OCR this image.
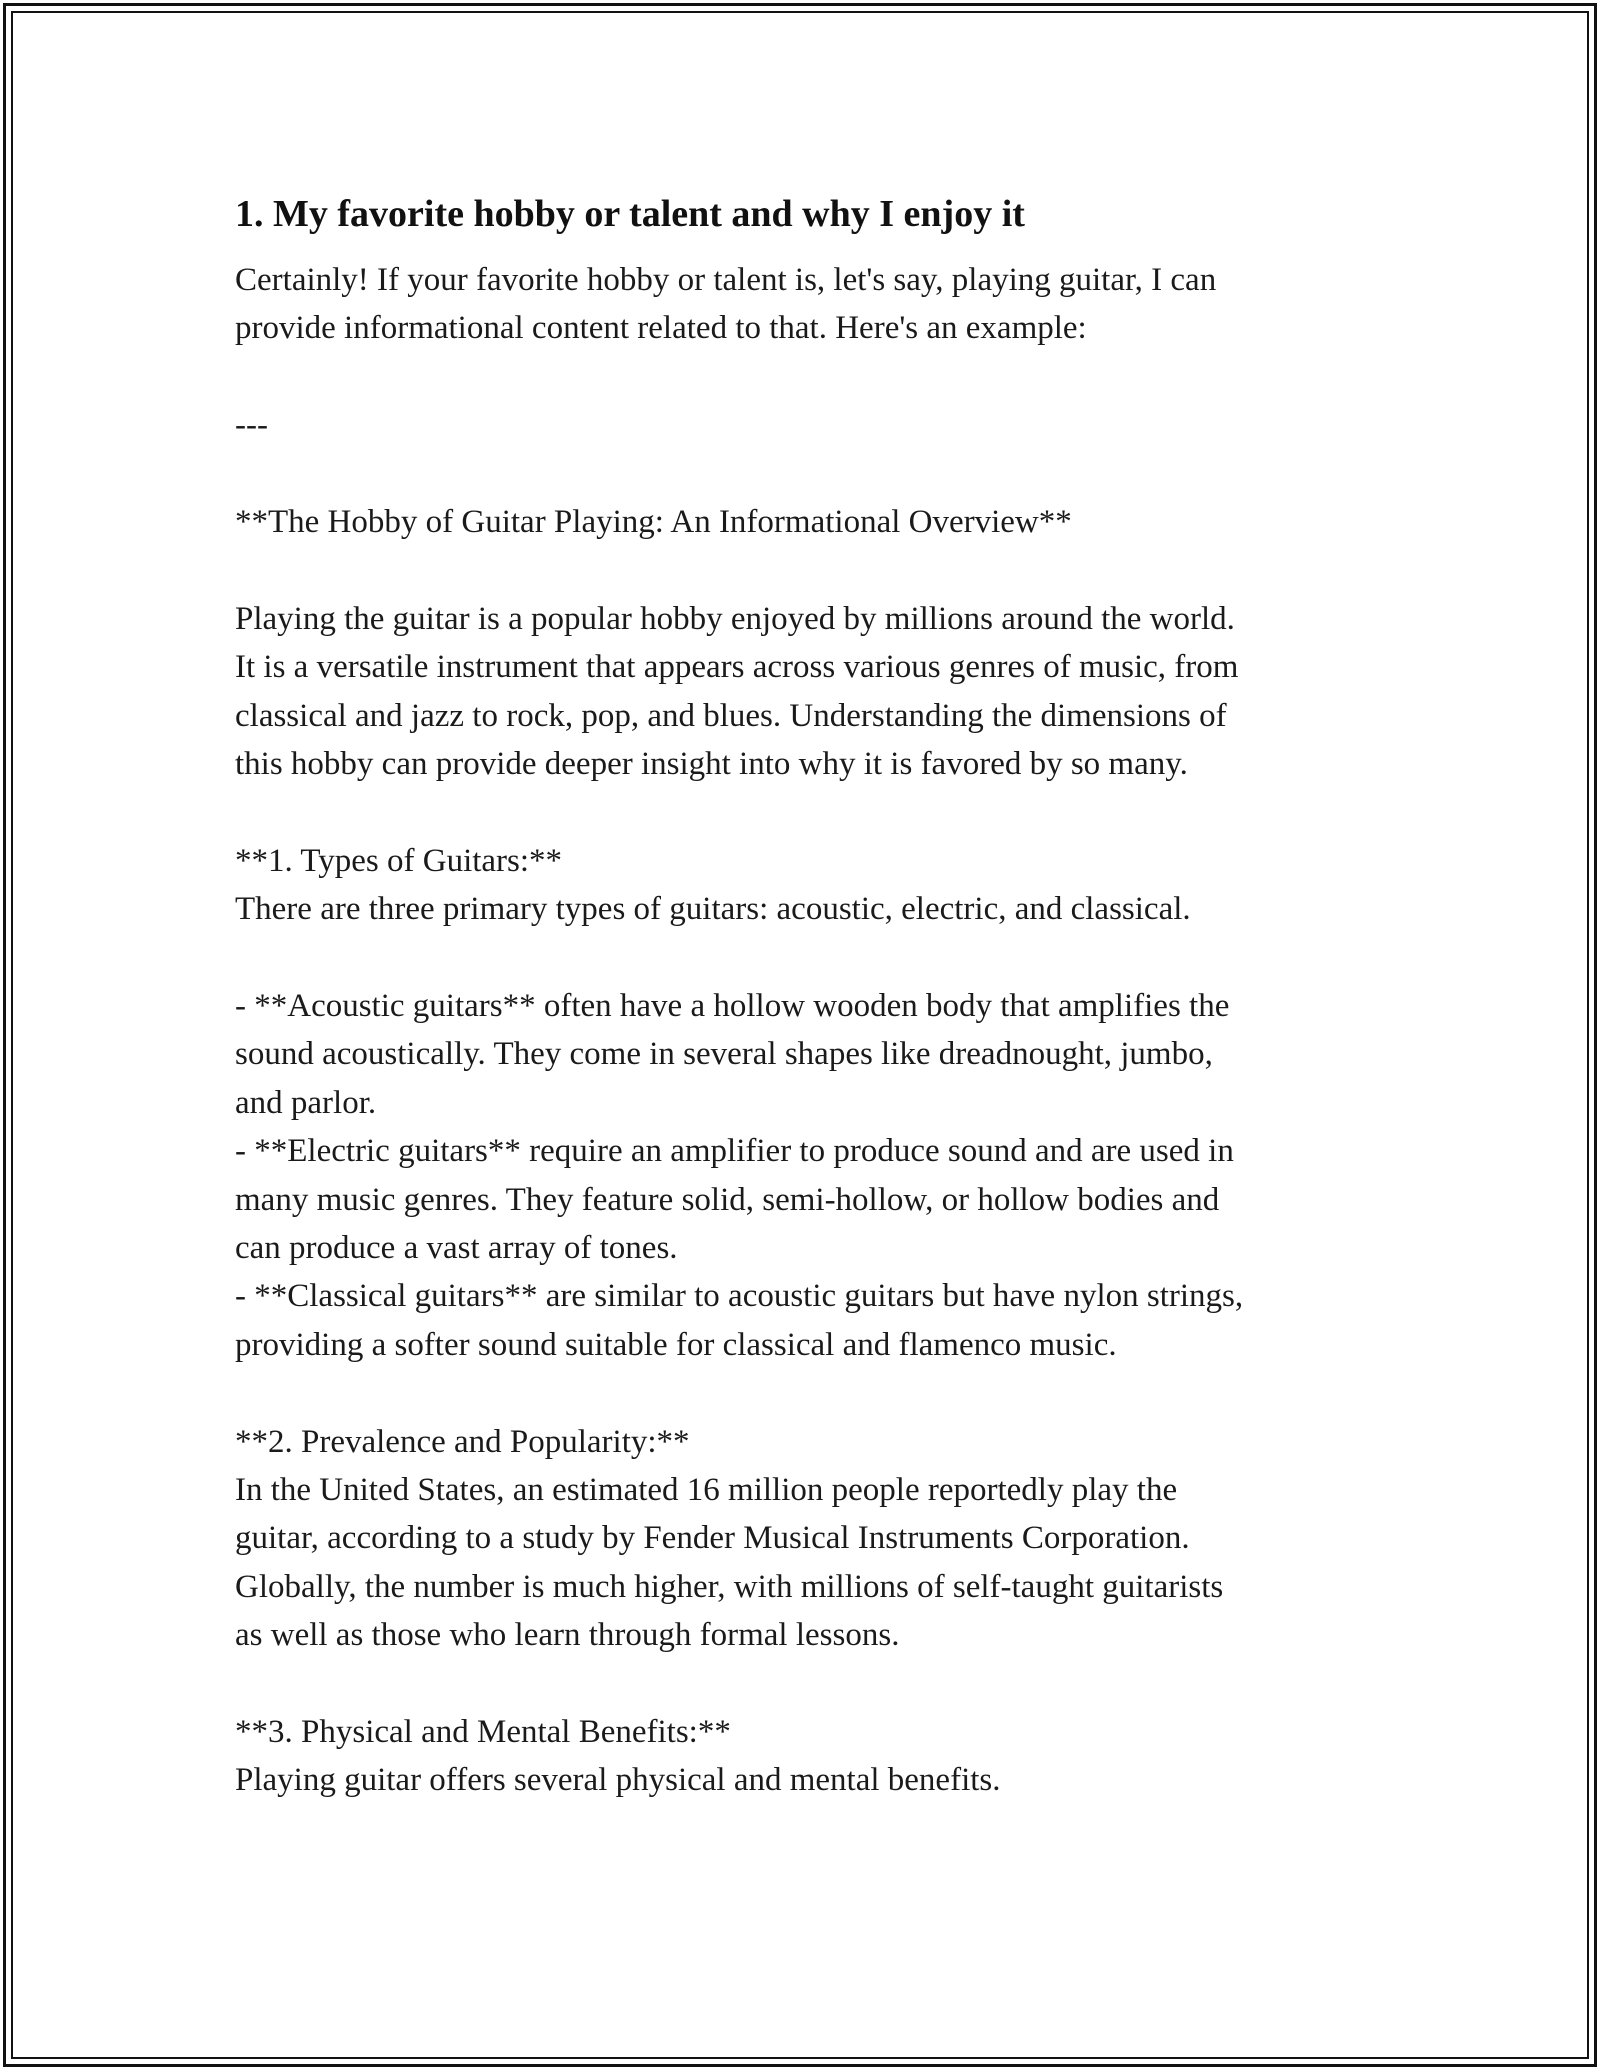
1. My favorite hobby or talent and why I enjoy it

Certainly! If your favorite hobby or talent is, let's say, playing guitar, I can

provide informational content related to that. Here's an example:

---

**The Hobby of Guitar Playing: An Informational Overview**

Playing the guitar is a popular hobby enjoyed by millions around the world.

It is a versatile instrument that appears across various genres of music, from

classical and jazz to rock, pop, and blues. Understanding the dimensions of

this hobby can provide deeper insight into why it is favored by so many.

**1. Types of Guitars:**

There are three primary types of guitars: acoustic, electric, and classical.

- **Acoustic guitars** often have a hollow wooden body that amplifies the

sound acoustically. They come in several shapes like dreadnought, jumbo,

and parlor.

- **Electric guitars** require an amplifier to produce sound and are used in

many music genres. They feature solid, semi-hollow, or hollow bodies and

can produce a vast array of tones.

- **Classical guitars** are similar to acoustic guitars but have nylon strings,

providing a softer sound suitable for classical and flamenco music.

**2. Prevalence and Popularity:**

In the United States, an estimated 16 million people reportedly play the

guitar, according to a study by Fender Musical Instruments Corporation.

Globally, the number is much higher, with millions of self-taught guitarists

as well as those who learn through formal lessons.

**3. Physical and Mental Benefits:**

Playing guitar offers several physical and mental benefits.
